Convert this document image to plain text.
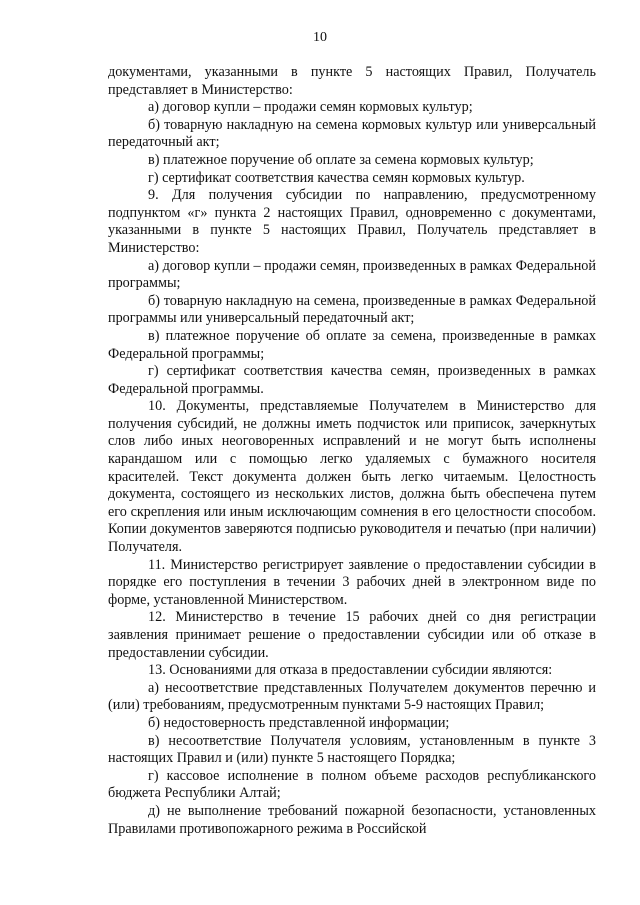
10

документами, указанными в пункте 5 настоящих Правил, Получатель представляет в Министерство:

а) договор купли – продажи семян кормовых культур;

б) товарную накладную на семена кормовых культур или универсальный передаточный акт;

в) платежное поручение об оплате за семена кормовых культур;

г) сертификат соответствия качества семян кормовых культур.

9. Для получения субсидии по направлению, предусмотренному подпунктом «г» пункта 2 настоящих Правил, одновременно с документами, указанными в пункте 5 настоящих Правил, Получатель представляет в Министерство:

а) договор купли – продажи семян, произведенных в рамках Федеральной программы;

б) товарную накладную на семена, произведенные в рамках Федеральной программы или универсальный передаточный акт;

в) платежное поручение об оплате за семена, произведенные в рамках Федеральной программы;

г) сертификат соответствия качества семян, произведенных в рамках Федеральной программы.

10. Документы, представляемые Получателем в Министерство для получения субсидий, не должны иметь подчисток или приписок, зачеркнутых слов либо иных неоговоренных исправлений и не могут быть исполнены карандашом или с помощью легко удаляемых с бумажного носителя красителей. Текст документа должен быть легко читаемым. Целостность документа, состоящего из нескольких листов, должна быть обеспечена путем его скрепления или иным исключающим сомнения в его целостности способом. Копии документов заверяются подписью руководителя и печатью (при наличии) Получателя.

11. Министерство регистрирует заявление о предоставлении субсидии в порядке его поступления в течении 3 рабочих дней в электронном виде по форме, установленной Министерством.

12. Министерство в течение 15 рабочих дней со дня регистрации заявления принимает решение о предоставлении субсидии или об отказе в предоставлении субсидии.

13. Основаниями для отказа в предоставлении субсидии являются:

а) несоответствие представленных Получателем документов перечню и (или) требованиям, предусмотренным пунктами 5-9 настоящих Правил;

б) недостоверность представленной информации;

в) несоответствие Получателя условиям, установленным в пункте 3 настоящих Правил и (или) пункте 5 настоящего Порядка;

г) кассовое исполнение в полном объеме расходов республиканского бюджета Республики Алтай;

д) не выполнение требований пожарной безопасности, установленных Правилами противопожарного режима в Российской
